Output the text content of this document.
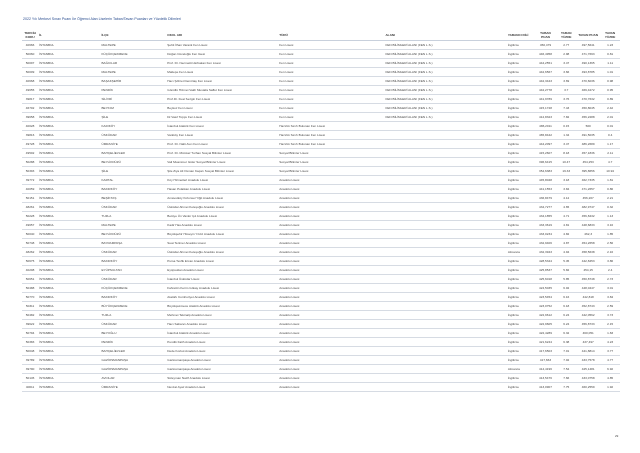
2022 Yılı Merkezi Sınav Puanı İle Öğrenci Alan Liselerin Taban/Tavan Puanları ve Yüzdelik Dilimleri
TERCİH KODU	İL	İLÇE	OKUL ADI	TÜRÜ	ALANI	YABANCI DİLİ	TABAN PUAN	TABAN YÜZDE	TAVAN PUAN	TAVAN YÜZDE
40666	İSTANBUL	MALTEPE	Şehit İlhan Varank Fen Lisesi	Fen Lisesi	FEN BİLİMLERİ ALANI (FEN L.S.)	İngilizce	450,479	2.77	497,5641	1.23
50060	İSTANBUL	KÜÇÜKÇEKMECE	Doğan Cüceloğlu Fen lisesi	Fen Lisesi	FEN BİLİMLERİ ALANI (FEN L.S.)	İngilizce	446,4958	2.98	471,7693	0.81
50097	İSTANBUL	BAĞCILAR	Prof. Dr. Necmettin Erbakan Fen Lisesi	Fen Lisesi	FEN BİLİMLERİ ALANI (FEN L.S.)	İngilizce	444,2551	3.47	490,1365	1.11
50009	İSTANBUL	MALTEPE	Maltepe Fen Lisesi	Fen Lisesi	FEN BİLİMLERİ ALANI (FEN L.S.)	İngilizce	442,6567	3.66	493,8785	1.01
40668	İSTANBUL	BAŞAKŞEHİR	Hacı Şöhret Demirtaş Fen Lisesi	Fen Lisesi	FEN BİLİMLERİ ALANI (FEN L.S.)	İngilizce	442,3443	3.69	470,6036	0.98
49655	İSTANBUL	PENDİK	Gönüllü Hizmet Vakfı Mustafa Saffet Fen Lisesi	Fen Lisesi	FEN BİLİMLERİ ALANI (FEN L.S.)	İngilizce	442,2778	3.7	469,4272	0.95
39817	İSTANBUL	SİLİVRİ	Prof.Dr. Fuat Sezgin Fen Lisesi	Fen Lisesi	FEN BİLİMLERİ ALANI (FEN L.S.)	İngilizce	441,9789	3.76	470,7632	0.89
46702	İSTANBUL	BEYKOZ	Beykoz Fen Lisesi	Fen Lisesi	FEN BİLİMLERİ ALANI (FEN L.S.)	İngilizce	415,1728	7.43	450,8045	2.42
39658	İSTANBUL	ŞİLE	Dr.Vasıf Topçu Fen Lisesi	Fen Lisesi	FEN BİLİMLERİ ALANI (FEN L.S.)	İngilizce	412,8323	7.82	456,2288	2.01
40028	İSTANBUL	KADIKÖY	İstanbul Atatürk Fen Lisesi	Hazırlık Sınıfı Bulunan Fen Lisesi		İngilizce	486,2011	0.15	500	0.01
39816	İSTANBUL	ÜSKÜDAR	Vaniköy Fen Lisesi	Hazırlık Sınıfı Bulunan Fen Lisesi		İngilizce	465,8442	1.34	491,5035	0.4
49728	İSTANBUL	ÜMRANİYE	Prof. Dr. Nabi Avcı Fen Lisesi	Hazırlık Sınıfı Bulunan Fen Lisesi		İngilizce	444,2097	3.47	486,2689	1.17
49502	İSTANBUL	BAHÇELİEVLER	Prof. Dr. Mümtaz Turhan Sosyal Bilimler Lisesi	Sosyal Bilimler Lisesi		İngilizce	415,2607	8.18	457,1836	2.11
50288	İSTANBUL	BEYLİKDÜZÜ	Vali Muammer Güler Sosyal Bilimler Lisesi	Sosyal Bilimler Lisesi		İngilizce	396,6415	10.47	454,253	4.7
50393	İSTANBUL	ŞİLE	Şile Ziya Ali Osman Kaçarı Sosyal Bilimler Lisesi	Sosyal Bilimler Lisesi		İngilizce	354,6383	19.33	395,8656	10.94
39772	İSTANBUL	KARTAL	Köy Hizmetleri Anadolu Lisesi	Anadolu Lisesi		İngilizce	445,8048	3.18	462,7335	1.81
40059	İSTANBUL	BAKIRKÖY	Hasan Polatkan Anadolu Lisesi	Anadolu Lisesi		İngilizce	441,1553	3.84	471,2657	0.86
50151	İSTANBUL	BEŞİKTAŞ	Amavutköy Kırkınsel Yiğit Anadolu Lisesi	Anadolu Lisesi		İngilizce	436,8479	4.12	456,207	2.21
48261	İSTANBUL	ÜSKÜDAR	Üsküdar Ahmet Keleşoğlu Anadolu Lisesi	Anadolu Lisesi		İngilizce	434,7277	4.65	482,9747	0.32
50228	İSTANBUL	TUZLA	Betüye Ün Vankır Işıl Anadolu Lisesi	Anadolu Lisesi		İngilizce	434,1855	4.71	456,8432	1.13
49657	İSTANBUL	MALTEPE	Kadir Has Anadolu Lisesi	Anadolu Lisesi		İngilizce	433,3619	4.81	448,6833	3.16
50040	İSTANBUL	BEYLİKDÜZÜ	Büyükşehir Hüseyin Yıldız Anadolu Lisesi	Anadolu Lisesi		İngilizce	433,0234	4.82	462,3	1.85
50748	İSTANBUL	BAYRAMPAŞA	Suat Terimer Anadolu Lisesi	Anadolu Lisesi		İngilizce	432,9406	4.87	454,2658	2.56
48262	İSTANBUL	ÜSKÜDAR	Üsküdar Ahmet Keleşoğlu Anadolu Lisesi	Anadolu Lisesi		Almanca	432,3943	4.94	458,5638	2.16
50675	İSTANBUL	BAKIRKÖY	Pursa Tevfik Ercan Anadolu Lisesi	Anadolu Lisesi		İngilizce	428,5344	5.45	442,8453	3.86
40208	İSTANBUL	EYÜPSULTAN	Eyüpsultan Anadolu Lisesi	Anadolu Lisesi		İngilizce	425,8537	5.82	454,15	2.4
50651	İSTANBUL	ÜSKÜDAR	İstanbul Üsküdar Lisesi	Anadolu Lisesi		İngilizce	425,6018	5.85	450,8748	2.73
50488	İSTANBUL	KÜÇÜKÇEKMECE	Fahrettin Kerim Gökay Anadolu Lisesi	Anadolu Lisesi		İngilizce	424,5035	6.02	448,0447	3.01
50770	İSTANBUL	BAKIRKÖY	Atatürk Cumhuriyet Anadolu Lisesi	Anadolu Lisesi		İngilizce	423,5454	6.16	442,818	3.84
50311	İSTANBUL	BÜYÜKÇEKMECE	Büyükçekmece Atatürk Anadolu Lisesi	Anadolu Lisesi		İngilizce	423,0752	6.18	452,8743	2.59
50482	İSTANBUL	TUZLA	Mehmet Tekinalp Anadolu Lisesi	Anadolu Lisesi		İngilizce	422,9612	6.24	442,0562	3.73
39622	İSTANBUL	ÜSKÜDAR	Hacı Sabancı Anadolu Lisesi	Anadolu Lisesi		İngilizce	422,9605	6.24	456,8733	2.15
50794	İSTANBUL	BEYOĞLU	İstanbul Atatürk Anadolu Lisesi	Anadolu Lisesi		İngilizce	422,4289	6.32	460,051	1.83
50383	İSTANBUL	PENDİK	Pendik Fatih Anadolu Lisesi	Anadolu Lisesi		İngilizce	421,6244	6.38	437,497	4.23
50048	İSTANBUL	BAHÇELİEVLER	Dede Korkut Anadolu Lisesi	Anadolu Lisesi		İngilizce	417,6503	7.01	441,8814	3.77
39789	İSTANBUL	GAZİOSMANPAŞA	Gaziosmanpaşa Anadolu Lisesi	Anadolu Lisesi		İngilizce	417,663	7.02	433,7578	4.77
39790	İSTANBUL	GAZİOSMANPAŞA	Gaziosmanpaşa Anadolu Lisesi	Anadolu Lisesi		Almanca	414,4196	7.54	425,1481	6.92
50145	İSTANBUL	AVCILAR	Süleyman Nazif Anadolu Lisesi	Anadolu Lisesi		İngilizce	413,5476	7.66	433,0758	4.85
40011	İSTANBUL	ÜMRANİYE	Nevzat Ayaz Anadolu Lisesi	Anadolu Lisesi		İngilizce	413,0907	7.75	460,2559	1.92
29
